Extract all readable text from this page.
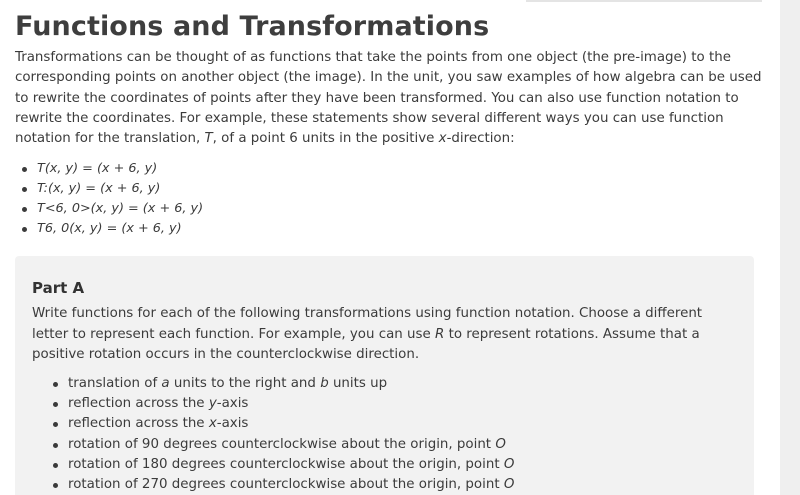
Functions and Transformations

Transformations can be thought of as functions that take the points from one object (the pre-image) to the corresponding points on another object (the image). In the unit, you saw examples of how algebra can be used to rewrite the coordinates of points after they have been transformed. You can also use function notation to rewrite the coordinates. For example, these statements show several different ways you can use function notation for the translation, T, of a point 6 units in the positive x-direction:

T(x, y) = (x + 6, y)
T:(x, y) = (x + 6, y)
T<6, 0>(x, y) = (x + 6, y)
T6, 0(x, y) = (x + 6, y)
Part A
Write functions for each of the following transformations using function notation. Choose a different letter to represent each function. For example, you can use R to represent rotations. Assume that a positive rotation occurs in the counterclockwise direction.
translation of a units to the right and b units up
reflection across the y-axis
reflection across the x-axis
rotation of 90 degrees counterclockwise about the origin, point O
rotation of 180 degrees counterclockwise about the origin, point O
rotation of 270 degrees counterclockwise about the origin, point O
